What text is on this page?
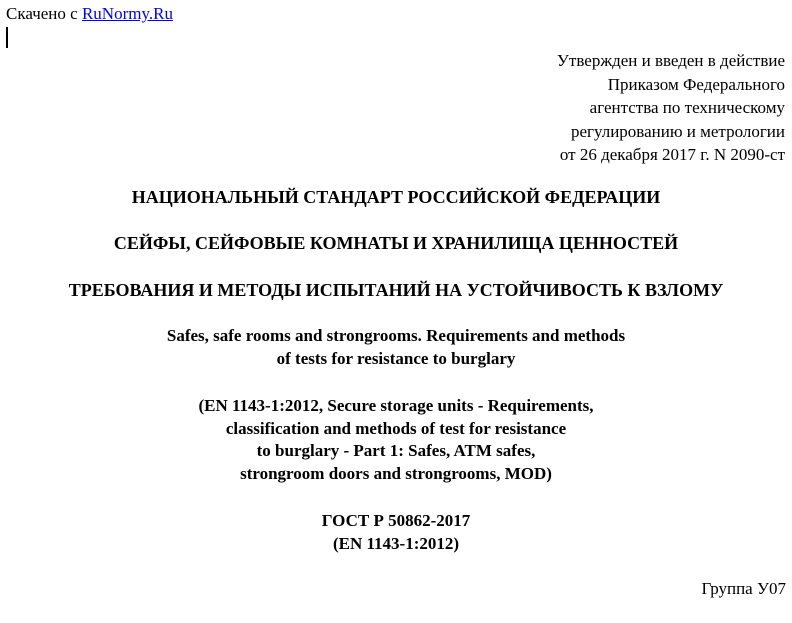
Скачено с RuNormy.Ru
Утвержден и введен в действие
Приказом Федерального
агентства по техническому
регулированию и метрологии
от 26 декабря 2017 г. N 2090-ст
НАЦИОНАЛЬНЫЙ СТАНДАРТ РОССИЙСКОЙ ФЕДЕРАЦИИ
СЕЙФЫ, СЕЙФОВЫЕ КОМНАТЫ И ХРАНИЛИЩА ЦЕННОСТЕЙ
ТРЕБОВАНИЯ И МЕТОДЫ ИСПЫТАНИЙ НА УСТОЙЧИВОСТЬ К ВЗЛОМУ
Safes, safe rooms and strongrooms. Requirements and methods
of tests for resistance to burglary
(EN 1143-1:2012, Secure storage units - Requirements,
classification and methods of test for resistance
to burglary - Part 1: Safes, ATM safes,
strongroom doors and strongrooms, MOD)
ГОСТ Р 50862-2017
(EN 1143-1:2012)
Группа У07
